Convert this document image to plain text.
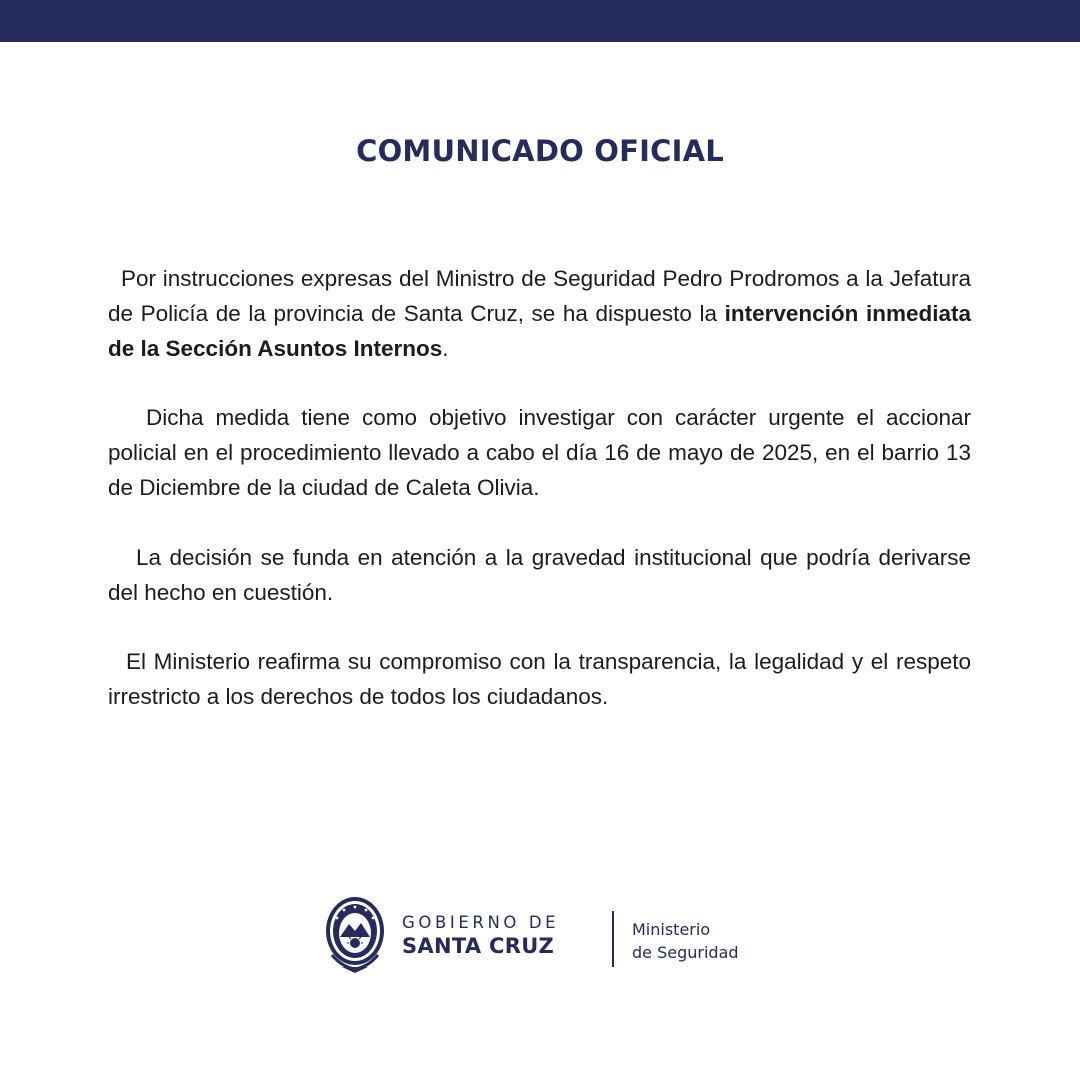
COMUNICADO OFICIAL

Por instrucciones expresas del Ministro de Seguridad Pedro Prodromos a la Jefatura de Policía de la provincia de Santa Cruz, se ha dispuesto la intervención inmediata de la Sección Asuntos Internos.

Dicha medida tiene como objetivo investigar con carácter urgente el accionar policial en el procedimiento llevado a cabo el día 16 de mayo de 2025, en el barrio 13 de Diciembre de la ciudad de Caleta Olivia.

La decisión se funda en atención a la gravedad institucional que podría derivarse del hecho en cuestión.

El Ministerio reafirma su compromiso con la transparencia, la legalidad y el respeto irrestricto a los derechos de todos los ciudadanos.

GOBIERNO DE
SANTA CRUZ
Ministerio
de Seguridad
